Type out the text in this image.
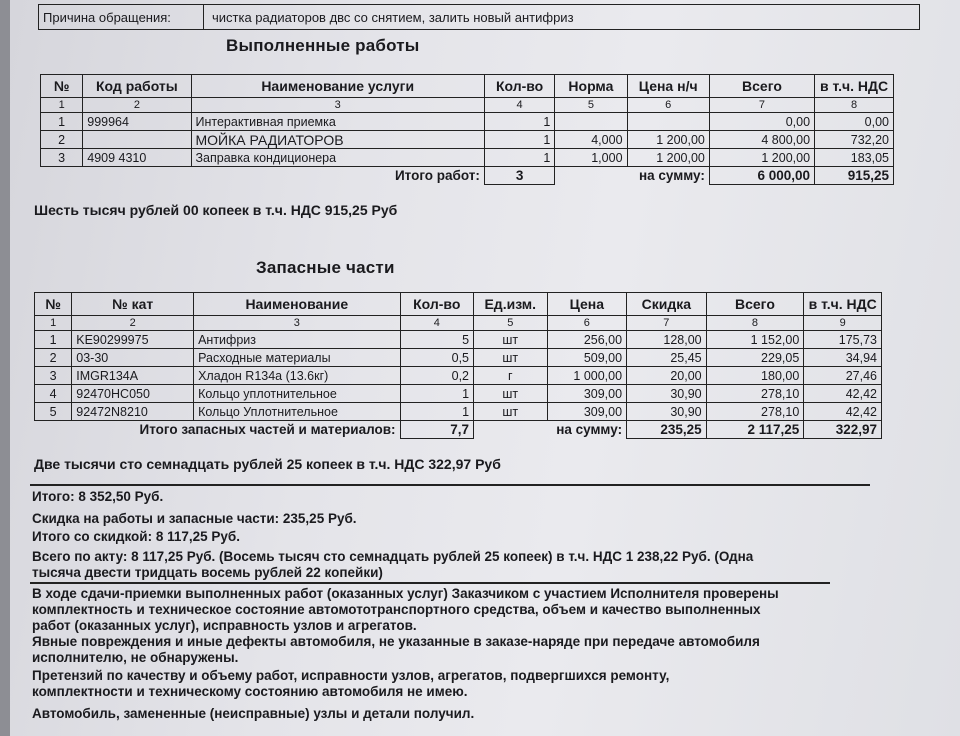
Причина обращения:	чистка радиаторов двс со снятием, залить новый антифриз
Выполненные работы
№	Код работы	Наименование услуги	Кол-во	Норма	Цена н/ч	Всего	в т.ч. НДС
1	2	3	4	5	6	7	8
1	999964	Интерактивная приемка	1			0,00	0,00
2		МОЙКА РАДИАТОРОВ	1	4,000	1 200,00	4 800,00	732,20
3	4909 4310	Заправка кондиционера	1	1,000	1 200,00	1 200,00	183,05
Итого работ:			3	на сумму:		6 000,00	915,25
Шесть тысяч рублей 00 копеек в т.ч. НДС 915,25 Руб
Запасные части
№	№ кат	Наименование	Кол-во	Ед.изм.	Цена	Скидка	Всего	в т.ч. НДС
1	2	3	4	5	6	7	8	9
1	KE90299975	Антифриз	5	шт	256,00	128,00	1 152,00	175,73
2	03-30	Расходные материалы	0,5	шт	509,00	25,45	229,05	34,94
3	IMGR134A	Хладон R134a (13.6кг)	0,2	г	1 000,00	20,00	180,00	27,46
4	92470HC050	Кольцо уплотнительное	1	шт	309,00	30,90	278,10	42,42
5	92472N8210	Кольцо Уплотнительное	1	шт	309,00	30,90	278,10	42,42
Итого запасных частей и материалов:			7,7	на сумму:		235,25	2 117,25	322,97
Две тысячи сто семнадцать рублей 25 копеек в т.ч. НДС 322,97 Руб
Итого: 8 352,50 Руб.
Скидка на работы и запасные части: 235,25 Руб.
Итого со скидкой: 8 117,25 Руб.
Всего по акту: 8 117,25 Руб. (Восемь тысяч сто семнадцать рублей 25 копеек) в т.ч. НДС 1 238,22 Руб. (Одна
тысяча двести тридцать восемь рублей 22 копейки)
В ходе сдачи-приемки выполненных работ (оказанных услуг) Заказчиком с участием Исполнителя проверены
комплектность и техническое состояние автомототранспортного средства, объем и качество выполненных
работ (оказанных услуг), исправность узлов и агрегатов.
Явные повреждения и иные дефекты автомобиля, не указанные в заказе-наряде при передаче автомобиля
исполнителю, не обнаружены.
Претензий по качеству и объему работ, исправности узлов, агрегатов, подвергшихся ремонту,
комплектности и техническому состоянию автомобиля не имею.
Автомобиль, замененные (неисправные) узлы и детали получил.
